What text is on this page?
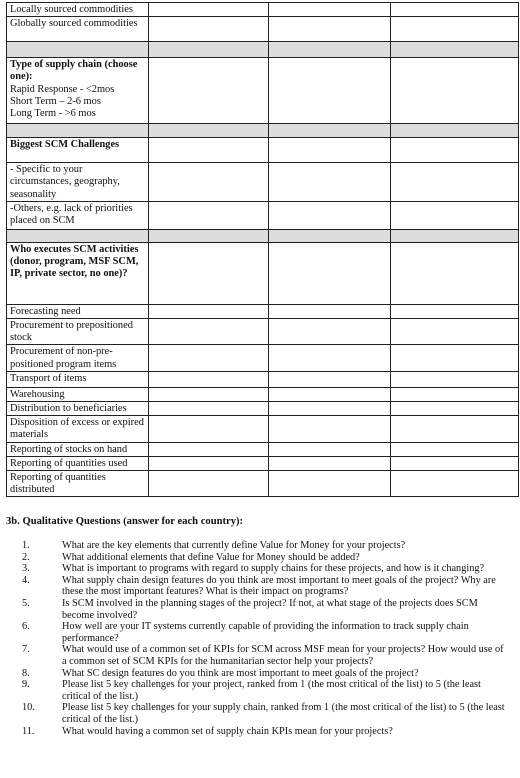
Locally sourced commodities			
Globally sourced commodities			

Type of supply chain (choose one):
Rapid Response - <2mos
Short Term – 2-6 mos
Long Term - >6 mos			

Biggest SCM Challenges			

- Specific to your circumstances, geography, seasonality			
-Others, e.g. lack of priorities placed on SCM			

Who executes SCM activities (donor, program, MSF SCM, IP, private sector, no one)?			

Forecasting need			
Procurement to prepositioned stock			
Procurement of non-pre-positioned program items			
Transport of items			
Warehousing			
Distribution to beneficiaries			
Disposition of excess or expired materials			
Reporting of stocks on hand			
Reporting of quantities used			
Reporting of quantities distributed			
3b. Qualitative Questions (answer for each country):
1.	What are the key elements that currently define Value for Money for your projects?
2.	What additional elements that define Value for Money should be added?
3.	What is important to programs with regard to supply chains for these projects, and how is it changing?
4.	What supply chain design features do you think are most important to meet goals of the project? Why are these the most important features? What is their impact on programs?
5.	Is SCM involved in the planning stages of the project? If not, at what stage of the projects does SCM become involved?
6.	How well are your IT systems currently capable of providing the information to track supply chain performance?
7.	What would use of a common set of KPIs for SCM across MSF mean for your projects? How would use of a common set of SCM KPIs for the humanitarian sector help your projects?
8.	What SC design features do you think are most important to meet goals of the project?
9.	Please list 5 key challenges for your project, ranked from 1 (the most critical of the list) to 5 (the least critical of the list.)
10.	Please list 5 key challenges for your supply chain, ranked from 1 (the most critical of the list) to 5 (the least critical of the list.)
11.	What would having a common set of supply chain KPIs mean for your projects?
